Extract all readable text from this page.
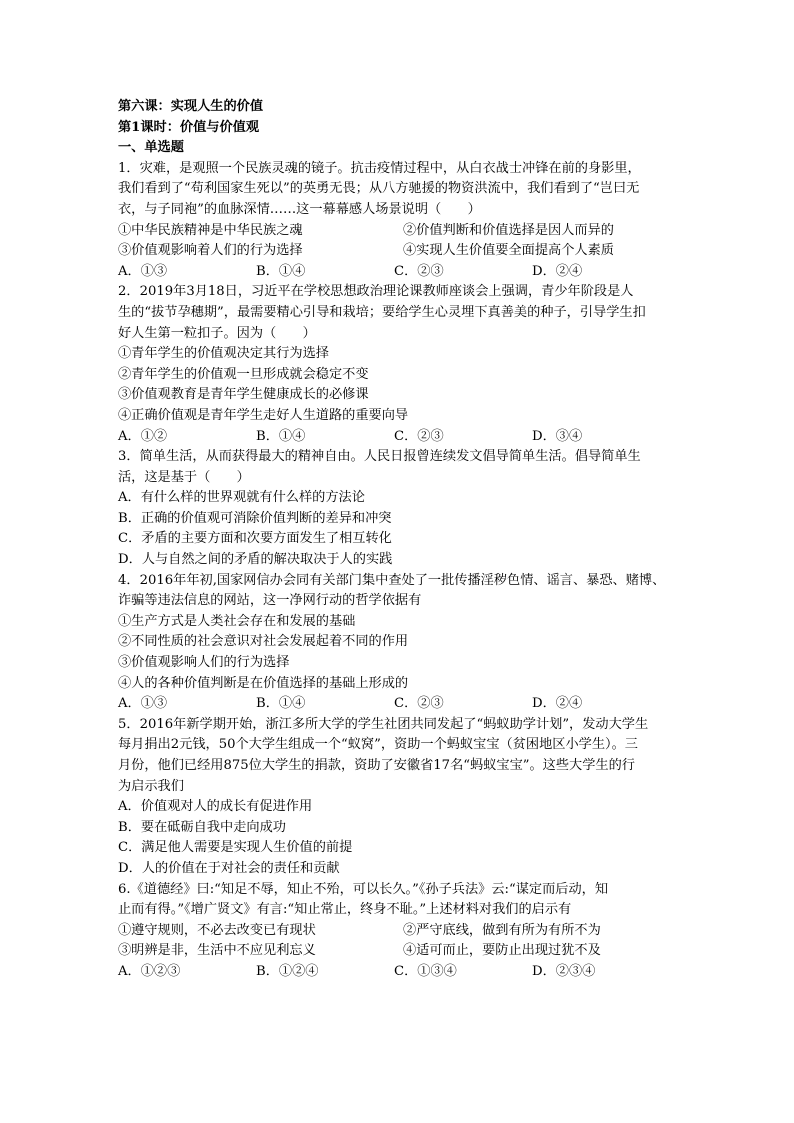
第六课：实现人生的价值
第1课时：价值与价值观
一、单选题
1．灾难，是观照一个民族灵魂的镜子。抗击疫情过程中，从白衣战士冲锋在前的身影里，
我们看到了“苟利国家生死以”的英勇无畏；从八方驰援的物资洪流中，我们看到了“岂曰无
衣，与子同袍”的血脉深情……这一幕幕感人场景说明（　　）
①中华民族精神是中华民族之魂	②价值判断和价值选择是因人而异的
③价值观影响着人们的行为选择	④实现人生价值要全面提高个人素质
A．①③	B．①④	C．②③	D．②④
2．2019年3月18日，习近平在学校思想政治理论课教师座谈会上强调，青少年阶段是人
生的“拔节孕穗期”，最需要精心引导和栽培；要给学生心灵埋下真善美的种子，引导学生扣
好人生第一粒扣子。因为（　　）
①青年学生的价值观决定其行为选择
②青年学生的价值观一旦形成就会稳定不变
③价值观教育是青年学生健康成长的必修课
④正确价值观是青年学生走好人生道路的重要向导
A．①②	B．①④	C．②③	D．③④
3．简单生活，从而获得最大的精神自由。人民日报曾连续发文倡导简单生活。倡导简单生
活，这是基于（　　）
A．有什么样的世界观就有什么样的方法论
B．正确的价值观可消除价值判断的差异和冲突
C．矛盾的主要方面和次要方面发生了相互转化
D．人与自然之间的矛盾的解决取决于人的实践
4．2016年年初,国家网信办会同有关部门集中查处了一批传播淫秽色情、谣言、暴恐、赌博、
诈骗等违法信息的网站，这一净网行动的哲学依据有
①生产方式是人类社会存在和发展的基础
②不同性质的社会意识对社会发展起着不同的作用
③价值观影响人们的行为选择
④人的各种价值判断是在价值选择的基础上形成的
A．①③	B．①④	C．②③	D．②④
5．2016年新学期开始，浙江多所大学的学生社团共同发起了“蚂蚁助学计划”，发动大学生
每月捐出2元钱，50个大学生组成一个“蚁窝”，资助一个蚂蚁宝宝（贫困地区小学生）。三
月份，他们已经用875位大学生的捐款，资助了安徽省17名“蚂蚁宝宝”。这些大学生的行
为启示我们
A．价值观对人的成长有促进作用
B．要在砥砺自我中走向成功
C．满足他人需要是实现人生价值的前提
D．人的价值在于对社会的责任和贡献
6.《道德经》曰:“知足不辱，知止不殆，可以长久。”《孙子兵法》云:“谋定而后动，知
止而有得。”《增广贤文》有言:“知止常止，终身不耻。”上述材料对我们的启示有
①遵守规则，不必去改变已有现状	②严守底线，做到有所为有所不为
③明辨是非，生活中不应见利忘义	④适可而止，要防止出现过犹不及
A．①②③	B．①②④	C．①③④	D．②③④
